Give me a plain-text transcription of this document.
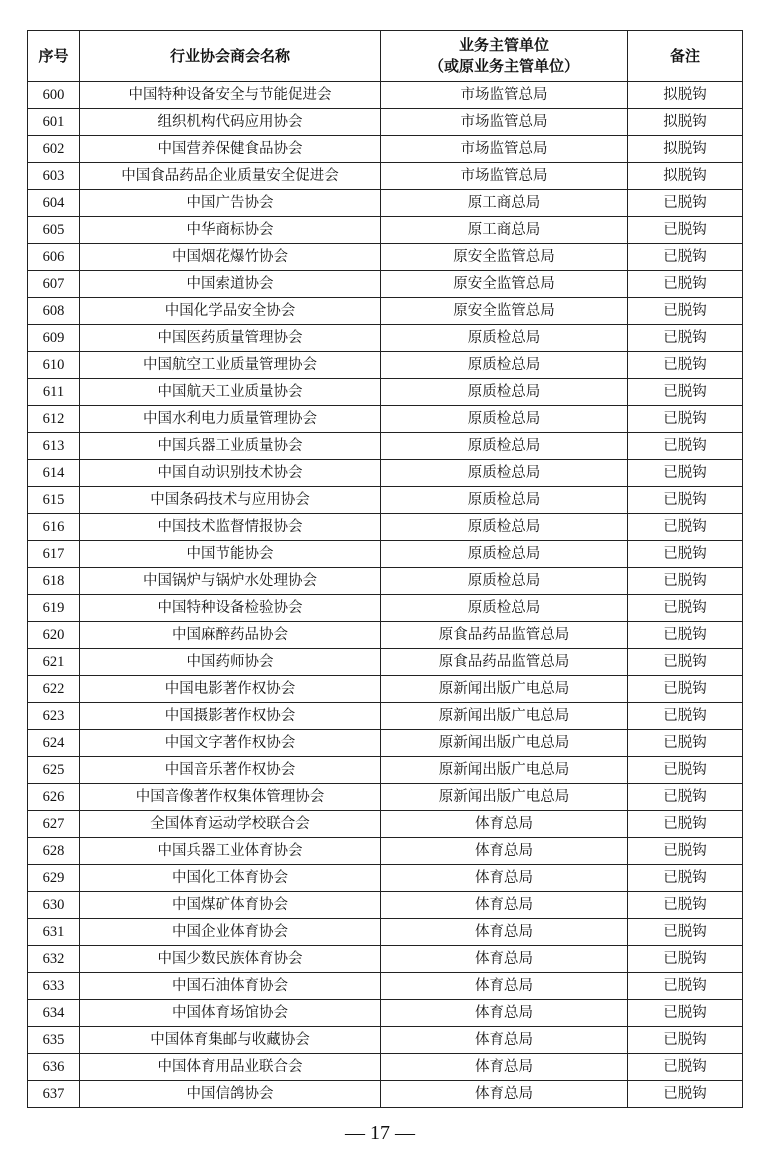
序号	行业协会商会名称	业务主管单位
（或原业务主管单位）	备注
600	中国特种设备安全与节能促进会	市场监管总局	拟脱钩
601	组织机构代码应用协会	市场监管总局	拟脱钩
602	中国营养保健食品协会	市场监管总局	拟脱钩
603	中国食品药品企业质量安全促进会	市场监管总局	拟脱钩
604	中国广告协会	原工商总局	已脱钩
605	中华商标协会	原工商总局	已脱钩
606	中国烟花爆竹协会	原安全监管总局	已脱钩
607	中国索道协会	原安全监管总局	已脱钩
608	中国化学品安全协会	原安全监管总局	已脱钩
609	中国医药质量管理协会	原质检总局	已脱钩
610	中国航空工业质量管理协会	原质检总局	已脱钩
611	中国航天工业质量协会	原质检总局	已脱钩
612	中国水利电力质量管理协会	原质检总局	已脱钩
613	中国兵器工业质量协会	原质检总局	已脱钩
614	中国自动识别技术协会	原质检总局	已脱钩
615	中国条码技术与应用协会	原质检总局	已脱钩
616	中国技术监督情报协会	原质检总局	已脱钩
617	中国节能协会	原质检总局	已脱钩
618	中国锅炉与锅炉水处理协会	原质检总局	已脱钩
619	中国特种设备检验协会	原质检总局	已脱钩
620	中国麻醉药品协会	原食品药品监管总局	已脱钩
621	中国药师协会	原食品药品监管总局	已脱钩
622	中国电影著作权协会	原新闻出版广电总局	已脱钩
623	中国摄影著作权协会	原新闻出版广电总局	已脱钩
624	中国文字著作权协会	原新闻出版广电总局	已脱钩
625	中国音乐著作权协会	原新闻出版广电总局	已脱钩
626	中国音像著作权集体管理协会	原新闻出版广电总局	已脱钩
627	全国体育运动学校联合会	体育总局	已脱钩
628	中国兵器工业体育协会	体育总局	已脱钩
629	中国化工体育协会	体育总局	已脱钩
630	中国煤矿体育协会	体育总局	已脱钩
631	中国企业体育协会	体育总局	已脱钩
632	中国少数民族体育协会	体育总局	已脱钩
633	中国石油体育协会	体育总局	已脱钩
634	中国体育场馆协会	体育总局	已脱钩
635	中国体育集邮与收藏协会	体育总局	已脱钩
636	中国体育用品业联合会	体育总局	已脱钩
637	中国信鸽协会	体育总局	已脱钩
— 17 —
